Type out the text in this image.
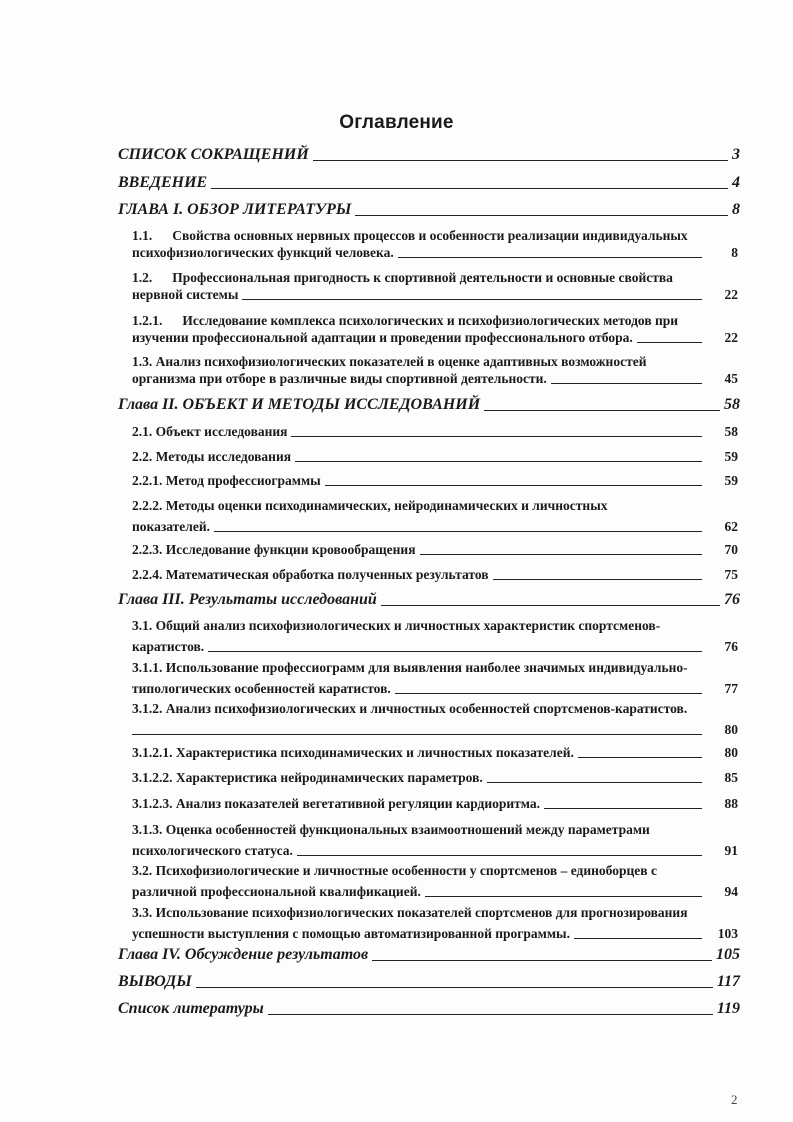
Оглавление
СПИСОК СОКРАЩЕНИЙ	3
ВВЕДЕНИЕ	4
ГЛАВА I. ОБЗОР ЛИТЕРАТУРЫ	8
1.1. Свойства основных нервных процессов и особенности реализации индивидуальных
психофизиологических функций человека.	8
1.2. Профессиональная пригодность к спортивной деятельности и основные свойства
нервной системы	22
1.2.1. Исследование комплекса психологических и психофизиологических методов при
изучении профессиональной адаптации и проведении профессионального отбора.	22
1.3. Анализ психофизиологических показателей в оценке адаптивных возможностей
организма при отборе в различные виды спортивной деятельности.	45
Глава II. ОБЪЕКТ И МЕТОДЫ ИССЛЕДОВАНИЙ	58
2.1. Объект исследования	58
2.2. Методы исследования	59
2.2.1. Метод профессиограммы	59
2.2.2. Методы оценки психодинамических, нейродинамических и личностных
показателей.	62
2.2.3. Исследование функции кровообращения	70
2.2.4. Математическая обработка полученных результатов	75
Глава III. Результаты исследований	76
3.1. Общий анализ психофизиологических и личностных характеристик спортсменов-
каратистов.	76
3.1.1. Использование профессиограмм для выявления наиболее значимых индивидуально-
типологических особенностей каратистов.	77
3.1.2. Анализ психофизиологических и личностных особенностей спортсменов-каратистов.
80
3.1.2.1. Характеристика психодинамических и личностных показателей.	80
3.1.2.2. Характеристика нейродинамических параметров.	85
3.1.2.3. Анализ показателей вегетативной регуляции кардиоритма.	88
3.1.3. Оценка особенностей функциональных взаимоотношений между параметрами
психологического статуса.	91
3.2. Психофизиологические и личностные особенности у спортсменов – единоборцев с
различной профессиональной квалификацией.	94
3.3. Использование психофизиологических показателей спортсменов для прогнозирования
успешности выступления с помощью автоматизированной программы.	103
Глава IV. Обсуждение результатов	105
ВЫВОДЫ	117
Список литературы	119
2
